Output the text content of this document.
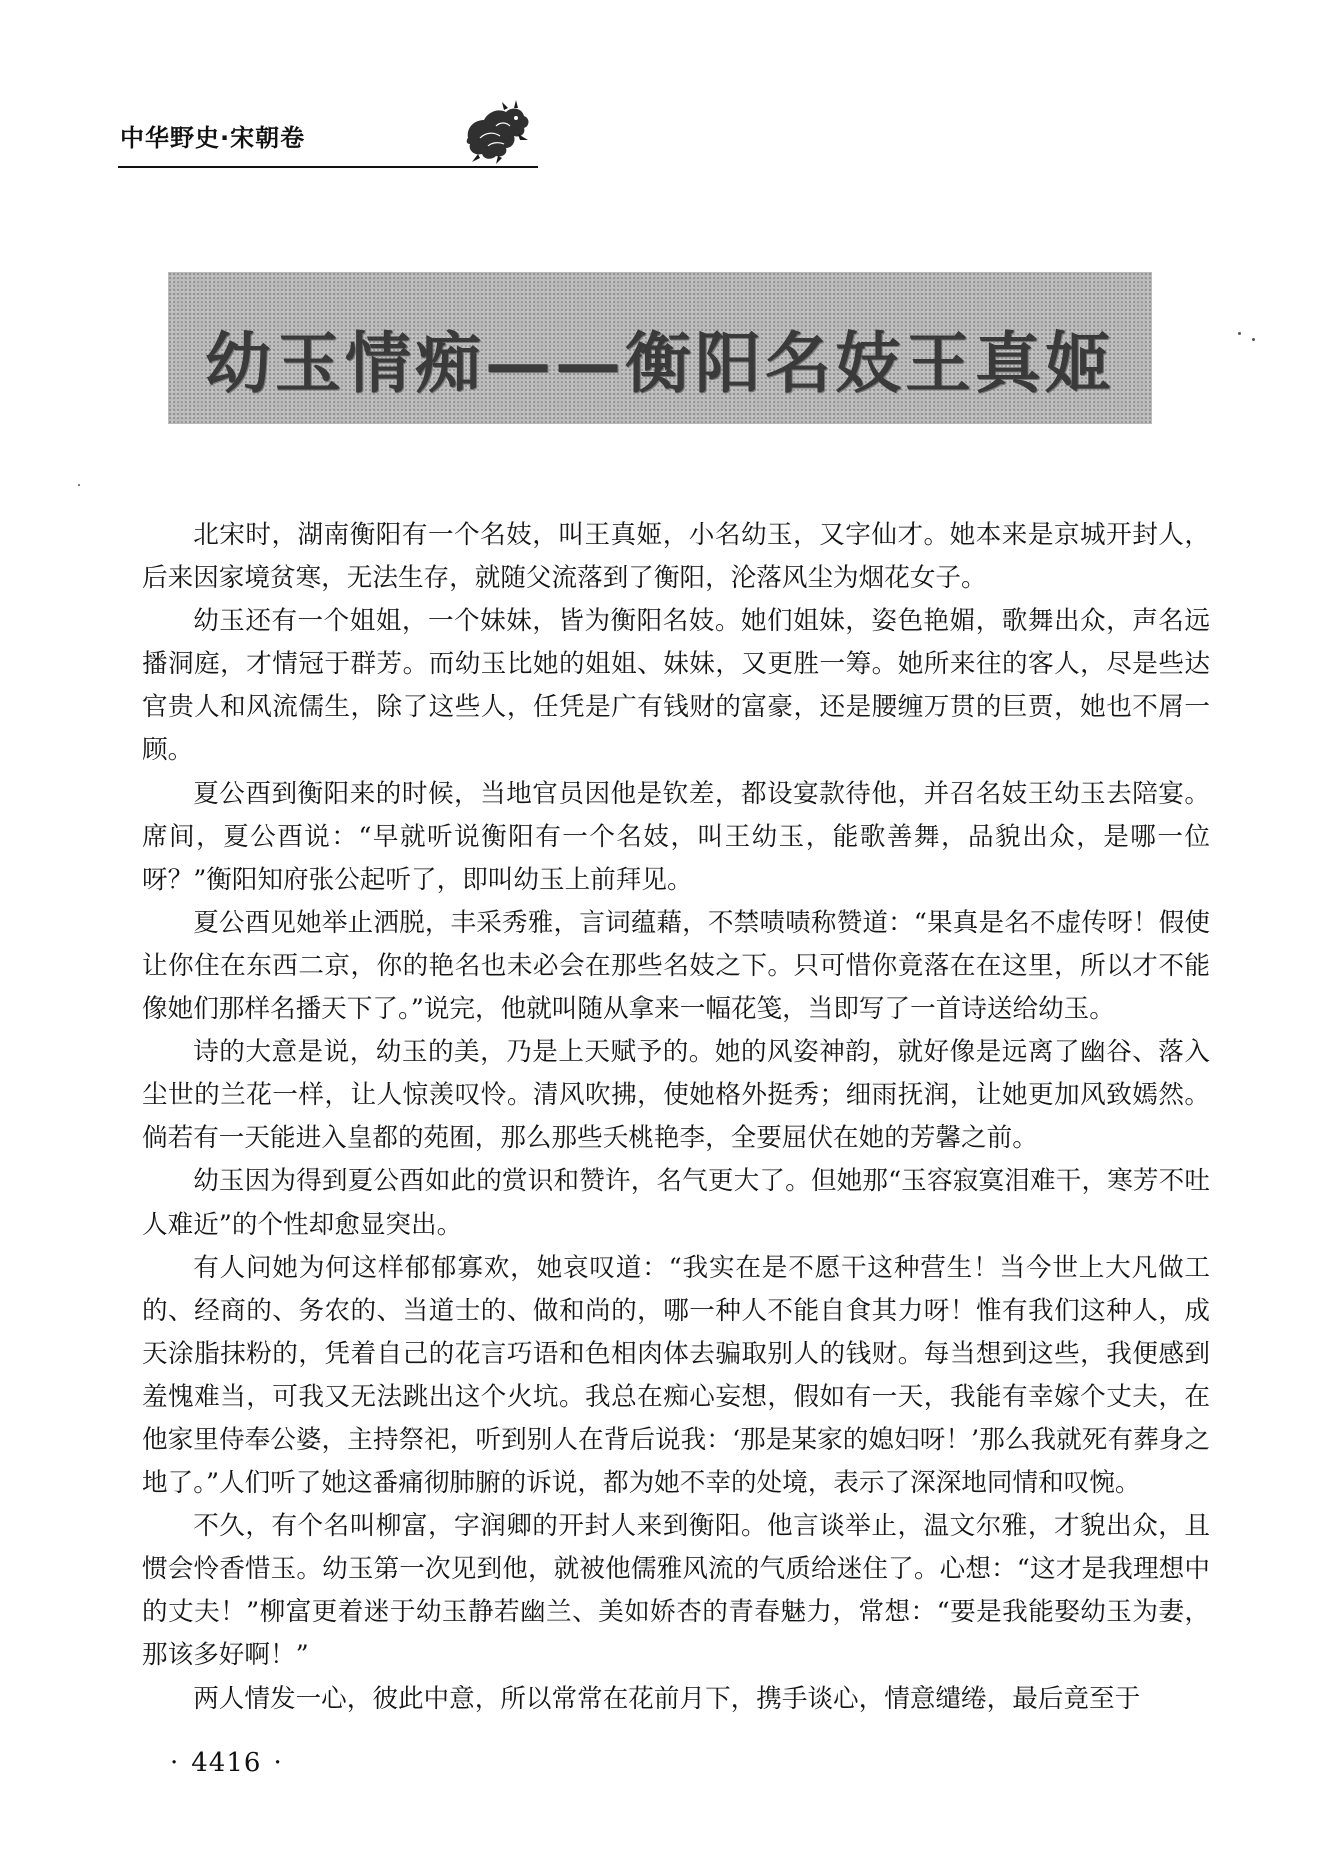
中华野史·宋朝卷
幼玉情痴——衡阳名妓王真姬

北宋时，湖南衡阳有一个名妓，叫王真姬，小名幼玉，又字仙才。她本来是京城开封人，后来因家境贫寒，无法生存，就随父流落到了衡阳，沦落风尘为烟花女子。

幼玉还有一个姐姐，一个妹妹，皆为衡阳名妓。她们姐妹，姿色艳媚，歌舞出众，声名远播洞庭，才情冠于群芳。而幼玉比她的姐姐、妹妹，又更胜一筹。她所来往的客人，尽是些达官贵人和风流儒生，除了这些人，任凭是广有钱财的富豪，还是腰缠万贯的巨贾，她也不屑一顾。

夏公酉到衡阳来的时候，当地官员因他是钦差，都设宴款待他，并召名妓王幼玉去陪宴。席间，夏公酉说：“早就听说衡阳有一个名妓，叫王幼玉，能歌善舞，品貌出众，是哪一位呀？”衡阳知府张公起听了，即叫幼玉上前拜见。

夏公酉见她举止洒脱，丰采秀雅，言词蕴藉，不禁啧啧称赞道：“果真是名不虚传呀！假使让你住在东西二京，你的艳名也未必会在那些名妓之下。只可惜你竟落在在这里，所以才不能像她们那样名播天下了。”说完，他就叫随从拿来一幅花笺，当即写了一首诗送给幼玉。

诗的大意是说，幼玉的美，乃是上天赋予的。她的风姿神韵，就好像是远离了幽谷、落入尘世的兰花一样，让人惊羡叹怜。清风吹拂，使她格外挺秀；细雨抚润，让她更加风致嫣然。倘若有一天能进入皇都的苑囿，那么那些夭桃艳李，全要屈伏在她的芳馨之前。

幼玉因为得到夏公酉如此的赏识和赞许，名气更大了。但她那“玉容寂寞泪难干，寒芳不吐人难近”的个性却愈显突出。

有人问她为何这样郁郁寡欢，她哀叹道：“我实在是不愿干这种营生！当今世上大凡做工的、经商的、务农的、当道士的、做和尚的，哪一种人不能自食其力呀！惟有我们这种人，成天涂脂抹粉的，凭着自己的花言巧语和色相肉体去骗取别人的钱财。每当想到这些，我便感到羞愧难当，可我又无法跳出这个火坑。我总在痴心妄想，假如有一天，我能有幸嫁个丈夫，在他家里侍奉公婆，主持祭祀，听到别人在背后说我：‘那是某家的媳妇呀！’那么我就死有葬身之地了。”人们听了她这番痛彻肺腑的诉说，都为她不幸的处境，表示了深深地同情和叹惋。

不久，有个名叫柳富，字润卿的开封人来到衡阳。他言谈举止，温文尔雅，才貌出众，且惯会怜香惜玉。幼玉第一次见到他，就被他儒雅风流的气质给迷住了。心想：“这才是我理想中的丈夫！”柳富更着迷于幼玉静若幽兰、美如娇杏的青春魅力，常想：“要是我能娶幼玉为妻，那该多好啊！”

两人情发一心，彼此中意，所以常常在花前月下，携手谈心，情意缱绻，最后竟至于

· 4416 ·
